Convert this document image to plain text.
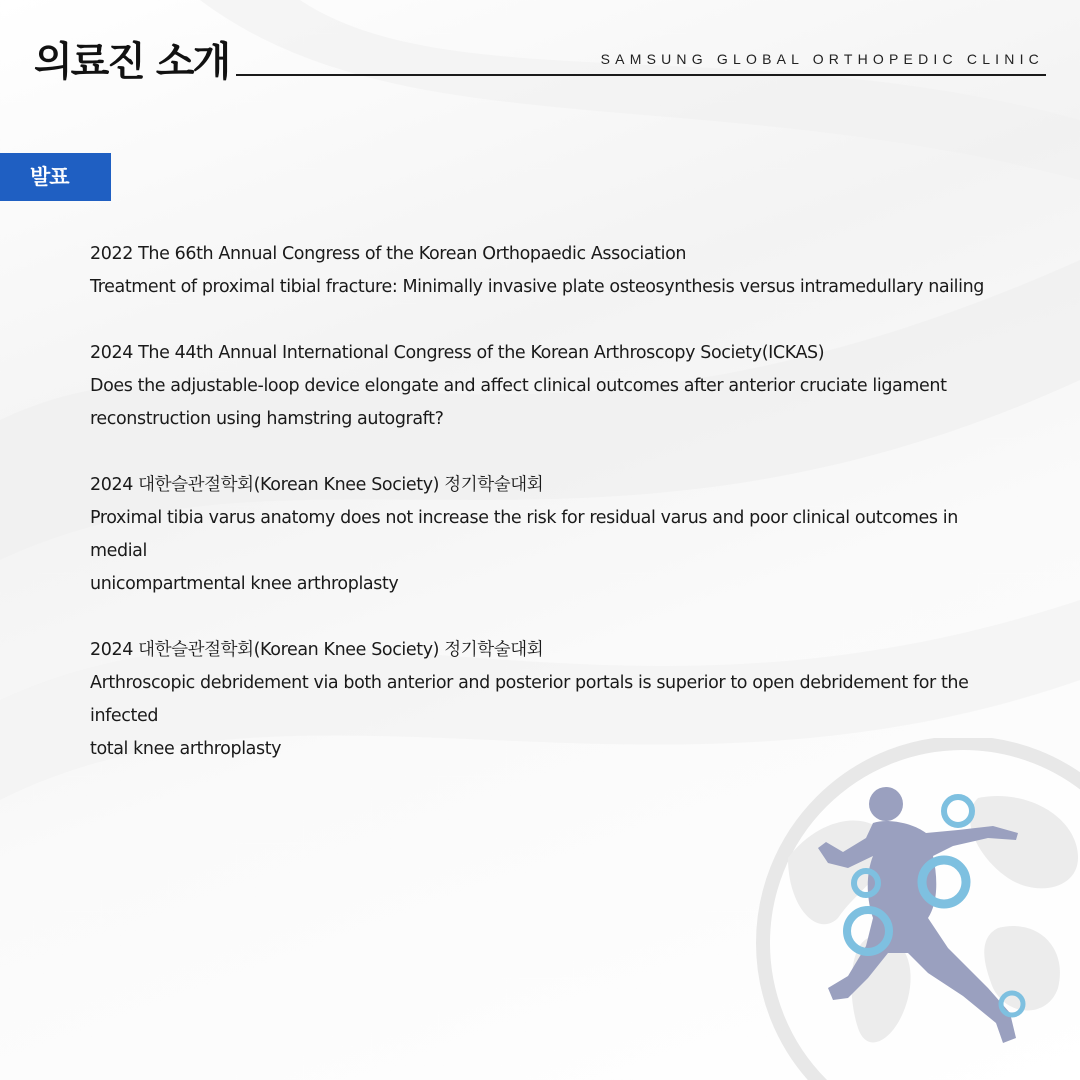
의료진 소개	SAMSUNG GLOBAL ORTHOPEDIC CLINIC
발표

2022 The 66th Annual Congress of the Korean Orthopaedic Association

Treatment of proximal tibial fracture: Minimally invasive plate osteosynthesis versus intramedullary nailing

2024 The 44th Annual International Congress of the Korean Arthroscopy Society(ICKAS)

Does the adjustable-loop device elongate and affect clinical outcomes after anterior cruciate ligament

reconstruction using hamstring autograft?

2024 대한슬관절학회(Korean Knee Society) 정기학술대회

Proximal tibia varus anatomy does not increase the risk for residual varus and poor clinical outcomes in medial

unicompartmental knee arthroplasty

2024 대한슬관절학회(Korean Knee Society) 정기학술대회

Arthroscopic debridement via both anterior and posterior portals is superior to open debridement for the infected

total knee arthroplasty
